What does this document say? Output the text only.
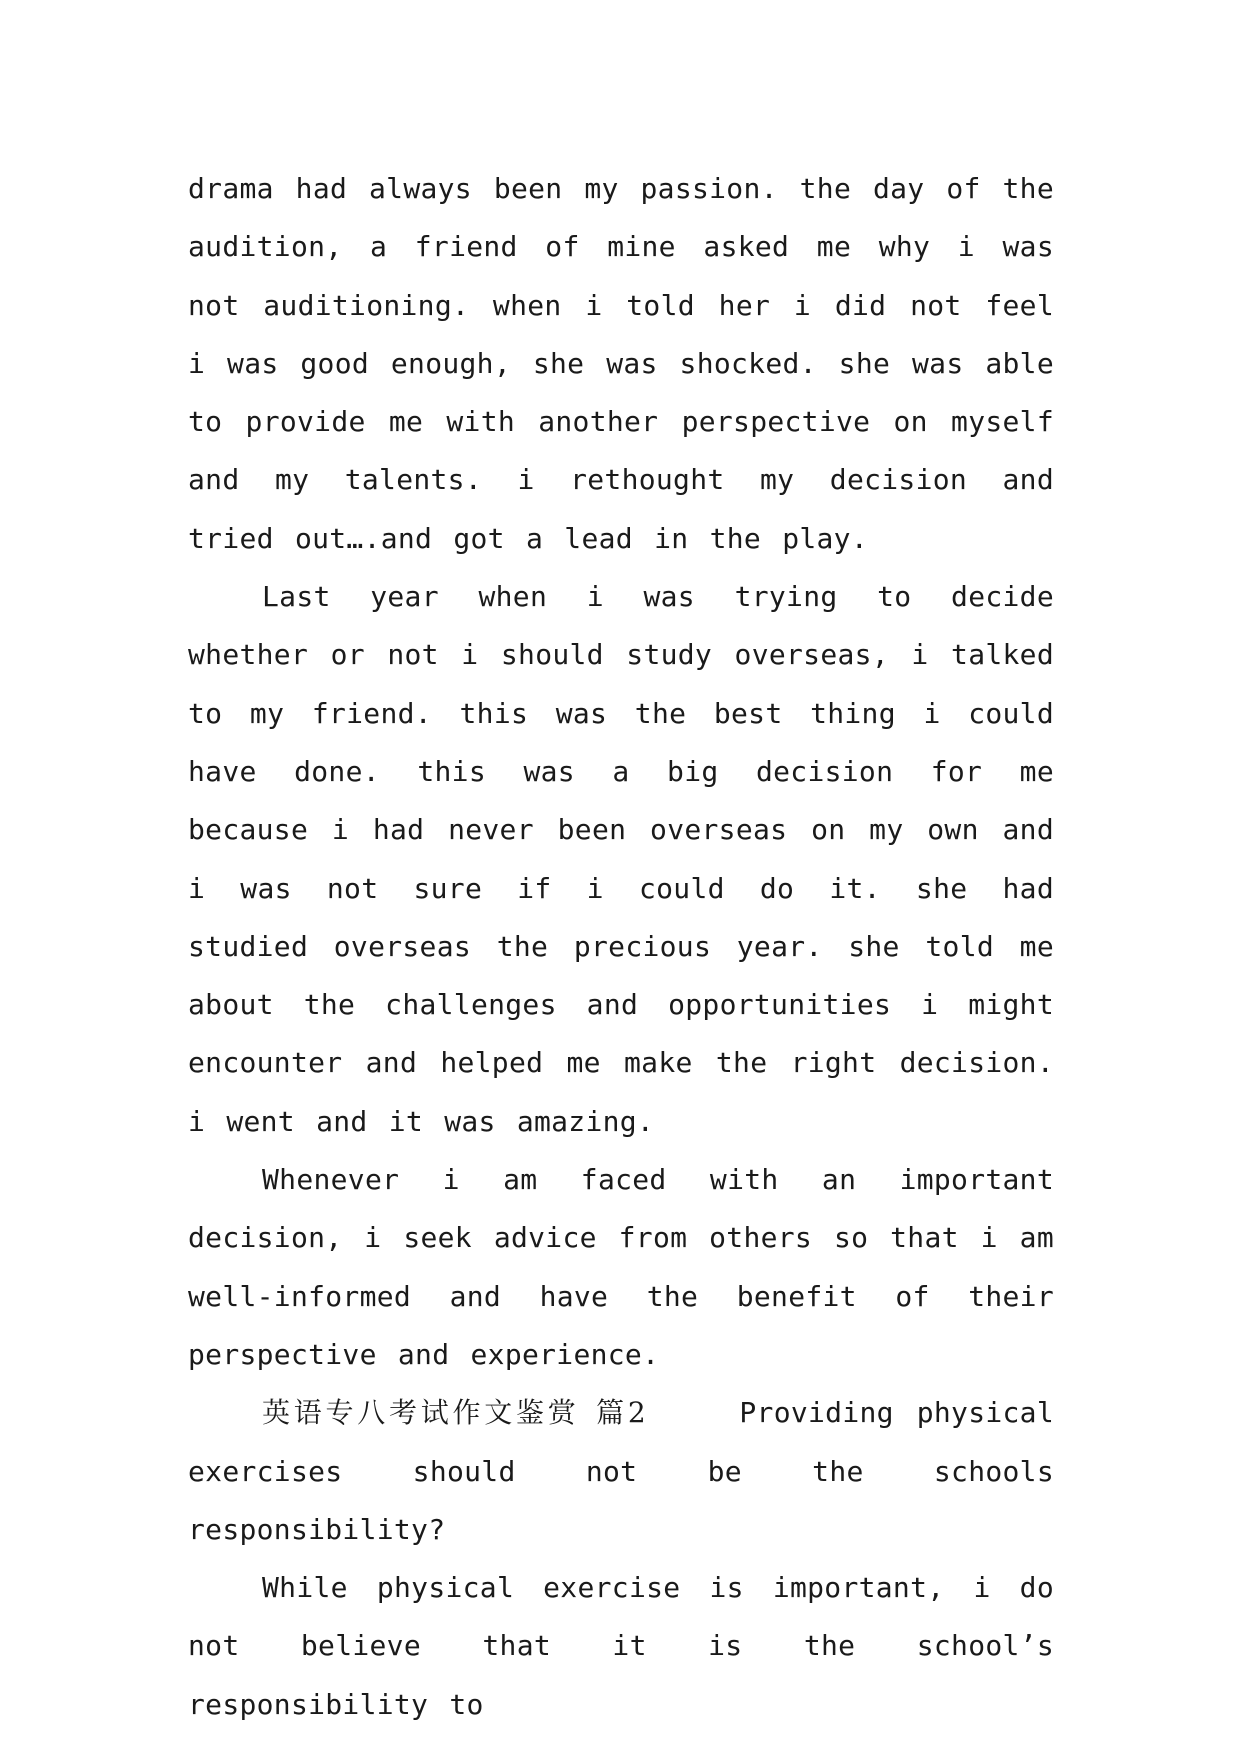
drama had always been my passion. the day of the audition, a friend of mine asked me why i was not auditioning. when i told her i did not feel i was good enough, she was shocked. she was able to provide me with another perspective on myself and my talents. i rethought my decision and tried out….and got a lead in the play.

Last year when i was trying to decide whether or not i should study overseas, i talked to my friend. this was the best thing i could have done. this was a big decision for me because i had never been overseas on my own and i was not sure if i could do it. she had studied overseas the precious year. she told me about the challenges and opportunities i might encounter and helped me make the right decision. i went and it was amazing.

Whenever i am faced with an important decision, i seek advice from others so that i am well-informed and have the benefit of their perspective and experience.

英语专八考试作文鉴赏 篇2	Providing physical exercises should not be the schools responsibility?

While physical exercise is important, i do not believe that it is the school’s responsibility to
